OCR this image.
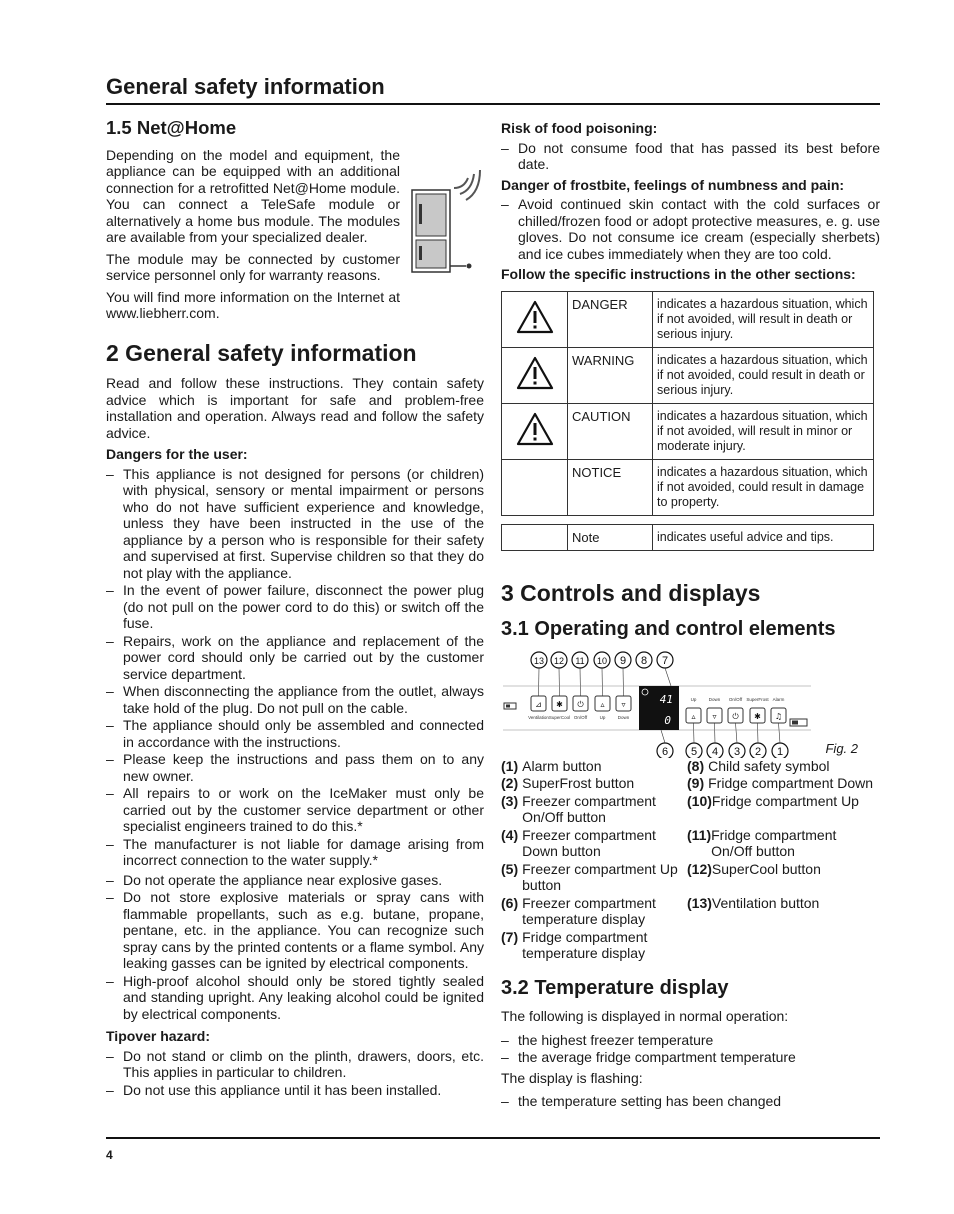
General safety information
1.5 Net@Home

Depending on the model and equipment, the appliance can be equipped with an additional connection for a retrofitted Net@Home module. You can connect a TeleSafe module or alternatively a home bus module. The modules are available from your specialized dealer.

The module may be connected by customer service personnel only for warranty reasons.

You will find more information on the Internet at www.liebherr.com.

2 General safety information

Read and follow these instructions. They contain safety advice which is important for safe and problem-free installation and operation. Always read and follow the safety advice.

Dangers for the user:
– This appliance is not designed for persons (or children) with physical, sensory or mental impairment or persons who do not have sufficient experience and knowledge, unless they have been instructed in the use of the appliance by a person who is responsible for their safety and supervised at first. Supervise children so that they do not play with the appliance.
– In the event of power failure, disconnect the power plug (do not pull on the power cord to do this) or switch off the fuse.
– Repairs, work on the appliance and replacement of the power cord should only be carried out by the customer service department.
– When disconnecting the appliance from the outlet, always take hold of the plug. Do not pull on the cable.
– The appliance should only be assembled and connected in accordance with the instructions.
– Please keep the instructions and pass them on to any new owner.
– All repairs to or work on the IceMaker must only be carried out by the customer service department or other specialist engineers trained to do this.*
– The manufacturer is not liable for damage arising from incorrect connection to the water supply.*
– Do not operate the appliance near explosive gases.
– Do not store explosive materials or spray cans with flammable propellants, such as e.g. butane, propane, pentane, etc. in the appliance. You can recognize such spray cans by the printed contents or a flame symbol. Any leaking gasses can be ignited by electrical components.
– High-proof alcohol should only be stored tightly sealed and standing upright. Any leaking alcohol could be ignited by electrical components.
Tipover hazard:
– Do not stand or climb on the plinth, drawers, doors, etc. This applies in particular to children.
– Do not use this appliance until it has been installed.
Risk of food poisoning:
– Do not consume food that has passed its best before date.
Danger of frostbite, feelings of numbness and pain:
– Avoid continued skin contact with the cold surfaces or chilled/frozen food or adopt protective measures, e. g. use gloves. Do not consume ice cream (especially sherbets) and ice cubes immediately when they are too cold.
Follow the specific instructions in the other sections:
	DANGER	indicates a hazardous situation, which if not avoided, will result in death or serious injury.
	WARNING	indicates a hazardous situation, which if not avoided, could result in death or serious injury.
	CAUTION	indicates a hazardous situation, which if not avoided, will result in minor or moderate injury.
	NOTICE	indicates a hazardous situation, which if not avoided, could result in damage to property.
	Note	indicates useful advice and tips.
3 Controls and displays
3.1 Operating and control elements
13 12 11 10 9 8 7
6 5 4 3 2 1
⊿
Ventilation
✱
SuperCool
⏻
On/Off
▵
Up
▿
Down	▵
Up
▿
Down
⏻
On/Off
✱
SuperFrost
♫
Alarm
41
0
Fig. 2
(1) Alarm button	(8) Child safety symbol
(2) SuperFrost button	(9) Fridge compartment Down
(3) Freezer compartment On/Off button
(10) Fridge compartment Up
(4) Freezer compartment Down button
(11) Fridge compartment On/Off button
(5) Freezer compartment Up button
(12) SuperCool button
(6) Freezer compartment temperature display
(13) Ventilation button
(7) Fridge compartment temperature display
3.2 Temperature display

The following is displayed in normal operation:

– the highest freezer temperature
– the average fridge compartment temperature

The display is flashing:

– the temperature setting has been changed
4
